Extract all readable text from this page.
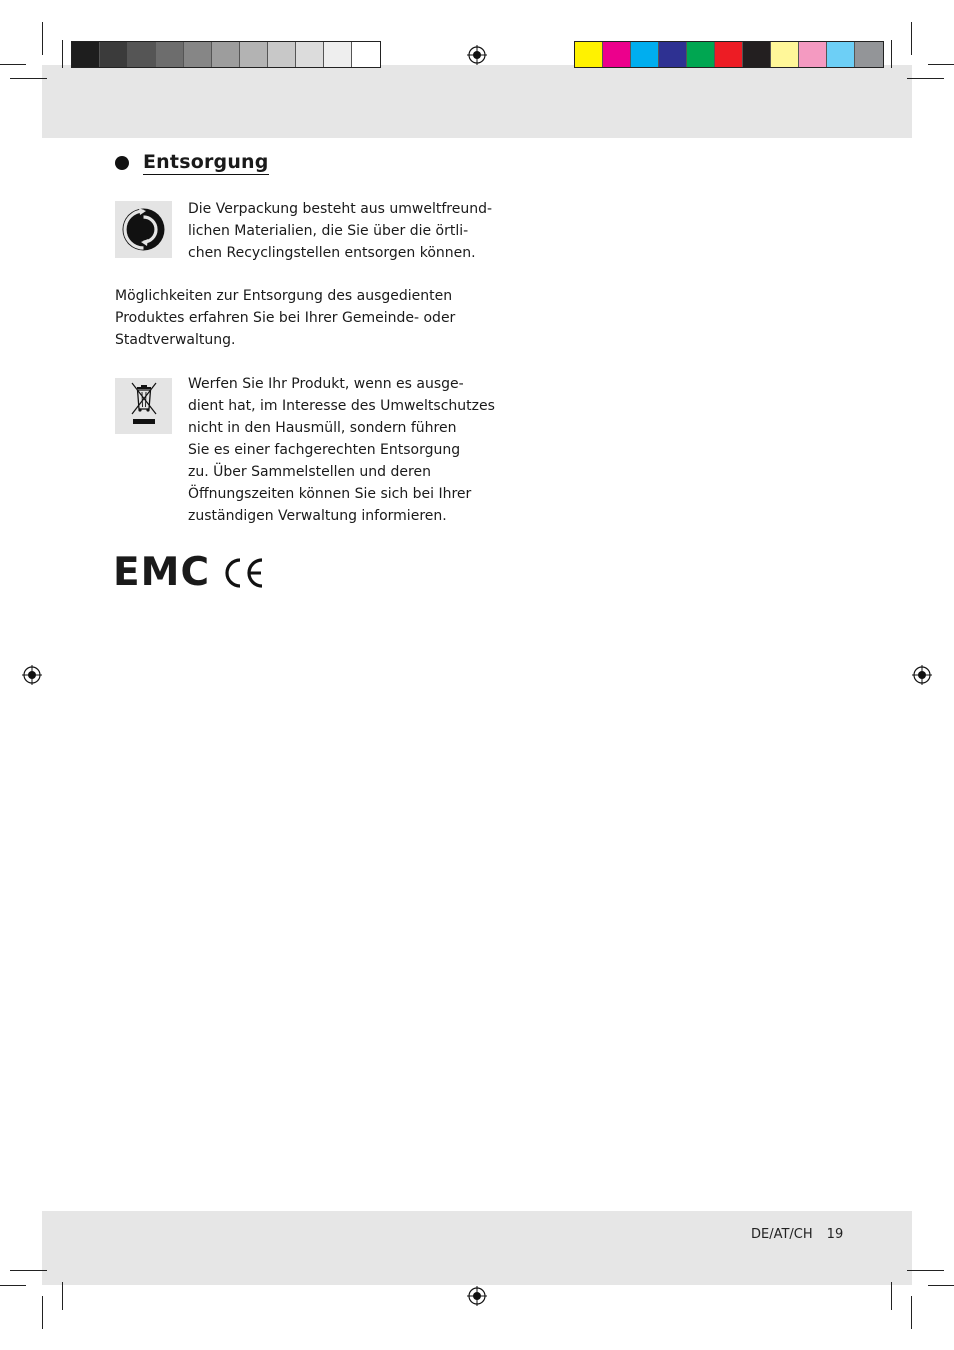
Entsorgung

Die Verpackung besteht aus umweltfreund-

lichen Materialien, die Sie über die örtli-

chen Recyclingstellen entsorgen können.

Möglichkeiten zur Entsorgung des ausgedienten

Produktes erfahren Sie bei Ihrer Gemeinde- oder

Stadtverwaltung.

Werfen Sie Ihr Produkt, wenn es ausge-

dient hat, im Interesse des Umweltschutzes

nicht in den Hausmüll, sondern führen

Sie es einer fachgerechten Entsorgung

zu. Über Sammelstellen und deren

Öffnungszeiten können Sie sich bei Ihrer

zuständigen Verwaltung informieren.

EMC
DE/AT/CH 19
